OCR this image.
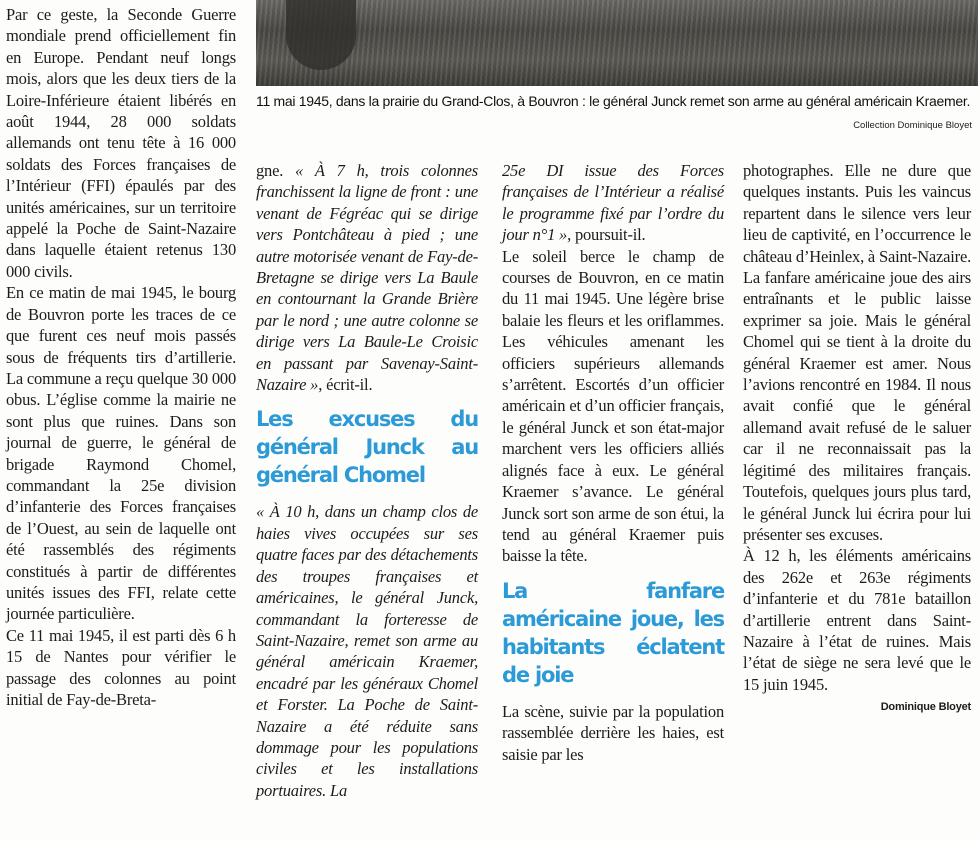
11 mai 1945, dans la prairie du Grand-Clos, à Bouvron : le général Junck remet son arme au général américain Kraemer.
Collection Dominique Bloyet

Par ce geste, la Seconde Guerre mondiale prend officiellement fin en Europe. Pendant neuf longs mois, alors que les deux tiers de la Loire-Inférieure étaient libérés en août 1944, 28 000 soldats allemands ont tenu tête à 16 000 soldats des Forces françaises de l’Intérieur (FFI) épaulés par des unités américaines, sur un territoire appelé la Poche de Saint-Nazaire dans laquelle étaient retenus 130 000 civils.

En ce matin de mai 1945, le bourg de Bouvron porte les traces de ce que furent ces neuf mois passés sous de fréquents tirs d’artillerie. La commune a reçu quelque 30 000 obus. L’église comme la mairie ne sont plus que ruines. Dans son journal de guerre, le général de brigade Raymond Chomel, commandant la 25e division d’infanterie des Forces françaises de l’Ouest, au sein de laquelle ont été rassemblés des régiments constitués à partir de différentes unités issues des FFI, relate cette journée particulière.

Ce 11 mai 1945, il est parti dès 6 h 15 de Nantes pour vérifier le passage des colonnes au point initial de Fay-de-Breta-

gne. « À 7 h, trois colonnes franchissent la ligne de front : une venant de Fégréac qui se dirige vers Pontchâteau à pied ; une autre motorisée venant de Fay-de-Bretagne se dirige vers La Baule en contournant la Grande Brière par le nord ; une autre colonne se dirige vers La Baule-Le Croisic en passant par Savenay-Saint-Nazaire », écrit-il.

Les excuses du général Junck au général Chomel

« À 10 h, dans un champ clos de haies vives occupées sur ses quatre faces par des détachements des troupes françaises et américaines, le général Junck, commandant la forteresse de Saint-Nazaire, remet son arme au général américain Kraemer, encadré par les généraux Chomel et Forster. La Poche de Saint-Nazaire a été réduite sans dommage pour les populations civiles et les installations portuaires. La

25e DI issue des Forces françaises de l’Intérieur a réalisé le programme fixé par l’ordre du jour n°1 », poursuit-il.

Le soleil berce le champ de courses de Bouvron, en ce matin du 11 mai 1945. Une légère brise balaie les fleurs et les oriflammes. Les véhicules amenant les officiers supérieurs allemands s’arrêtent. Escortés d’un officier américain et d’un officier français, le général Junck et son état-major marchent vers les officiers alliés alignés face à eux. Le général Kraemer s’avance. Le général Junck sort son arme de son étui, la tend au général Kraemer puis baisse la tête.

La fanfare américaine joue, les habitants éclatent de joie

La scène, suivie par la population rassemblée derrière les haies, est saisie par les

photographes. Elle ne dure que quelques instants. Puis les vaincus repartent dans le silence vers leur lieu de captivité, en l’occurrence le château d’Heinlex, à Saint-Nazaire. La fanfare américaine joue des airs entraînants et le public laisse exprimer sa joie. Mais le général Chomel qui se tient à la droite du général Kraemer est amer. Nous l’avions rencontré en 1984. Il nous avait confié que le général allemand avait refusé de le saluer car il ne reconnaissait pas la légitimé des militaires français. Toutefois, quelques jours plus tard, le général Junck lui écrira pour lui présenter ses excuses.

À 12 h, les éléments américains des 262e et 263e régiments d’infanterie et du 781e bataillon d’artillerie entrent dans Saint-Nazaire à l’état de ruines. Mais l’état de siège ne sera levé que le 15 juin 1945.

Dominique Bloyet
